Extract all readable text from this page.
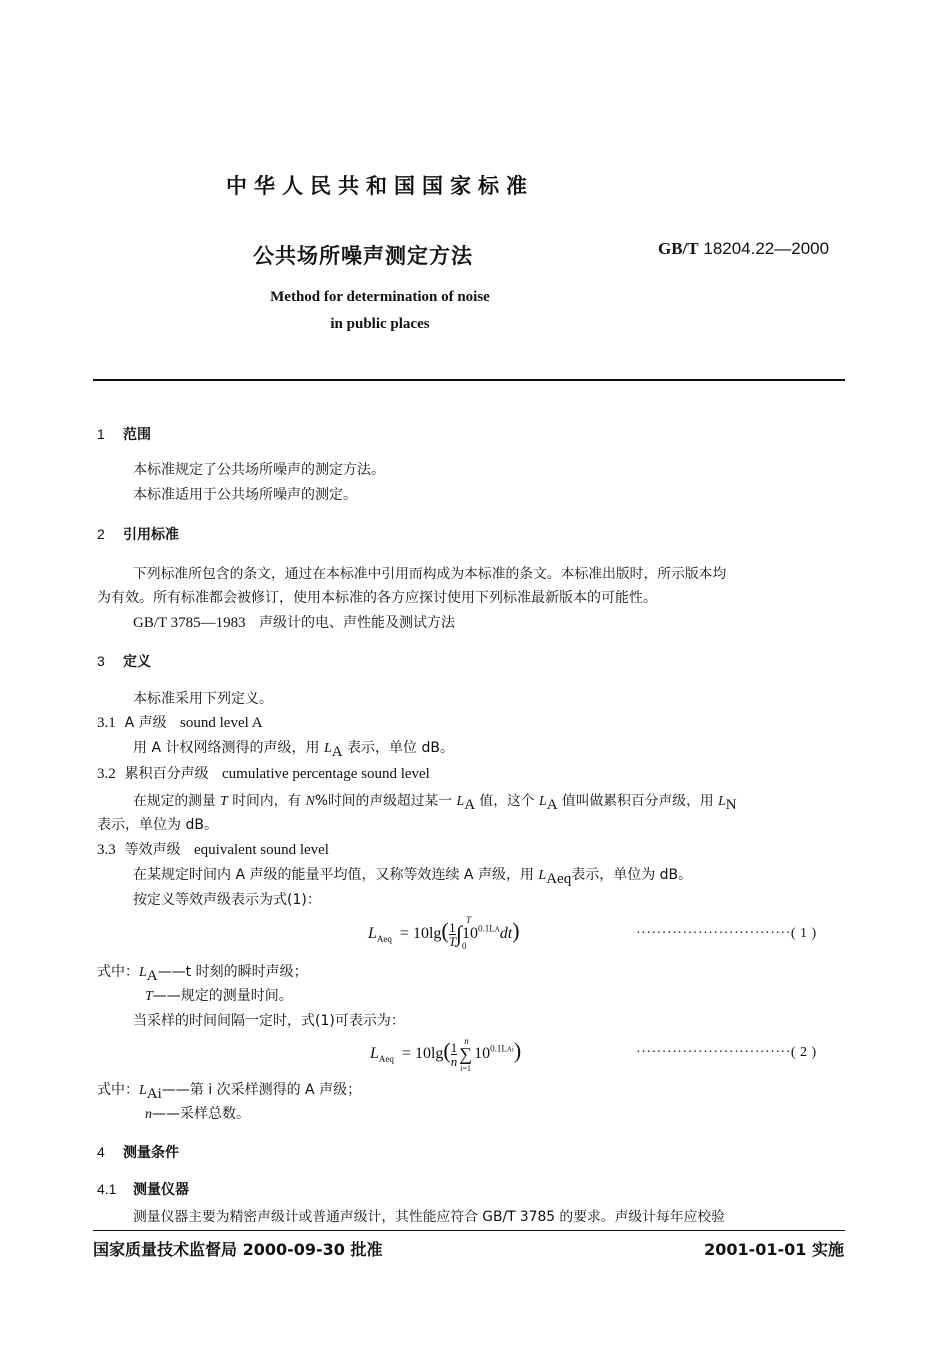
中华人民共和国国家标准
公共场所噪声测定方法	GB/T 18204.22—2000
Method for determination of noise
in public places
1 范围
本标准规定了公共场所噪声的测定方法。
本标准适用于公共场所噪声的测定。
2 引用标准
下列标准所包含的条文，通过在本标准中引用而构成为本标准的条文。本标准出版时，所示版本均
为有效。所有标准都会被修订，使用本标准的各方应探讨使用下列标准最新版本的可能性。
GB/T 3785—1983 声级计的电、声性能及测试方法
3 定义
本标准采用下列定义。
3.1 A 声级 sound level A
用 A 计权网络测得的声级，用 $L_A$ 表示，单位 dB。
3.2 累积百分声级 cumulative percentage sound level
在规定的测量 T 时间内，有 N%时间的声级超过某一 $L_A$ 值，这个 $L_A$ 值叫做累积百分声级，用 $L_N$
表示，单位为 dB。
3.3 等效声级 equivalent sound level
在某规定时间内 A 声级的能量平均值，又称等效连续 A 声级，用 $L_{Aeq}$表示，单位为 dB。
按定义等效声级表示为式(1)：
$L_{Aeq} = 10\lg( \frac{1}{T}$ ∫
T
0
$10^{0.1LA}dt$)	······························( 1 )
式中：$L_A——t$ 时刻的瞬时声级；
T——规定的测量时间。
当采样的时间间隔一定时，式(1)可表示为：
$L_{Aeq} = 10\lg( \frac{1}{n}$ ∑
n
i=1
$10^{0.1LAi}$)	······························( 2 )
式中：$L_{Ai}——$第 i 次采样测得的 A 声级；
n——采样总数。
4 测量条件
4.1 测量仪器
测量仪器主要为精密声级计或普通声级计，其性能应符合 GB/T 3785 的要求。声级计每年应校验
国家质量技术监督局 2000-09-30 批准	2001-01-01 实施
